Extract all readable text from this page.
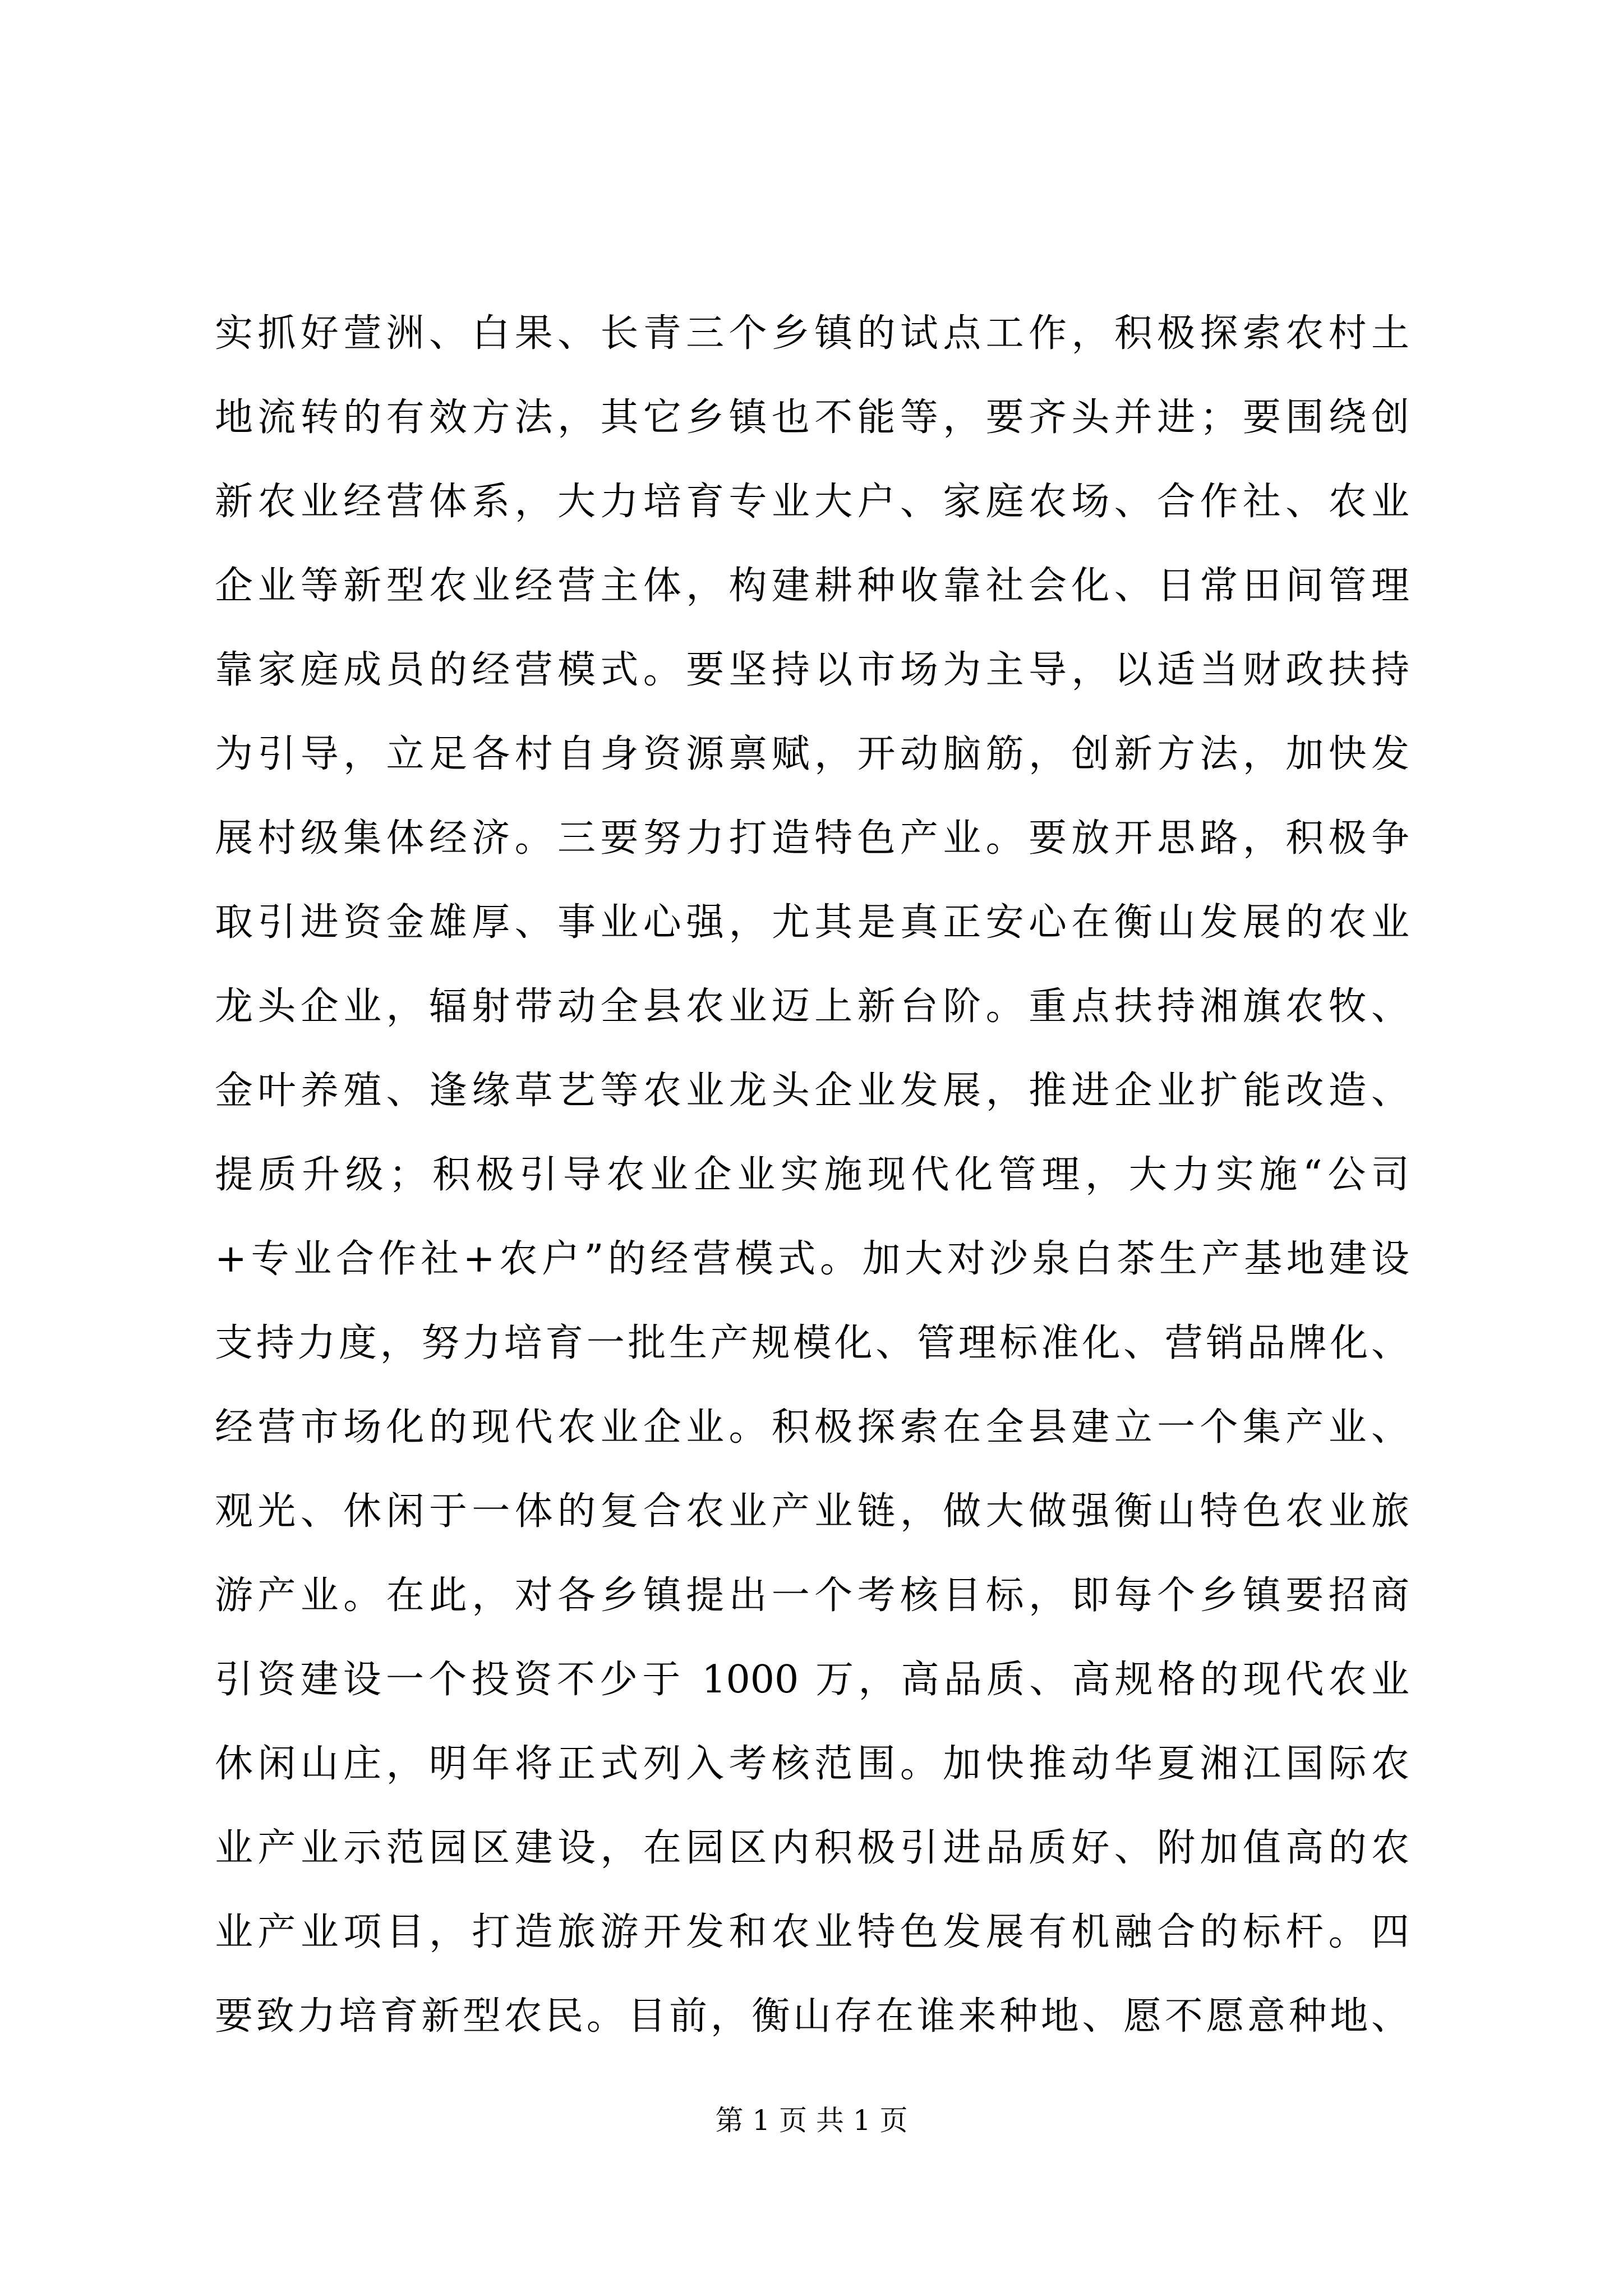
实抓好萱洲、白果、长青三个乡镇的试点工作，积极探索农村土
地流转的有效方法，其它乡镇也不能等，要齐头并进；要围绕创
新农业经营体系，大力培育专业大户、家庭农场、合作社、农业
企业等新型农业经营主体，构建耕种收靠社会化、日常田间管理
靠家庭成员的经营模式。要坚持以市场为主导，以适当财政扶持
为引导，立足各村自身资源禀赋，开动脑筋，创新方法，加快发
展村级集体经济。三要努力打造特色产业。要放开思路，积极争
取引进资金雄厚、事业心强，尤其是真正安心在衡山发展的农业
龙头企业，辐射带动全县农业迈上新台阶。重点扶持湘旗农牧、
金叶养殖、逢缘草艺等农业龙头企业发展，推进企业扩能改造、
提质升级；积极引导农业企业实施现代化管理，大力实施“公司
+专业合作社+农户”的经营模式。加大对沙泉白茶生产基地建设
支持力度，努力培育一批生产规模化、管理标准化、营销品牌化、
经营市场化的现代农业企业。积极探索在全县建立一个集产业、
观光、休闲于一体的复合农业产业链，做大做强衡山特色农业旅
游产业。在此，对各乡镇提出一个考核目标，即每个乡镇要招商
引资建设一个投资不少于 1000 万，高品质、高规格的现代农业
休闲山庄，明年将正式列入考核范围。加快推动华夏湘江国际农
业产业示范园区建设，在园区内积极引进品质好、附加值高的农
业产业项目，打造旅游开发和农业特色发展有机融合的标杆。四
要致力培育新型农民。目前，衡山存在谁来种地、愿不愿意种地、
第 1 页 共 1 页
